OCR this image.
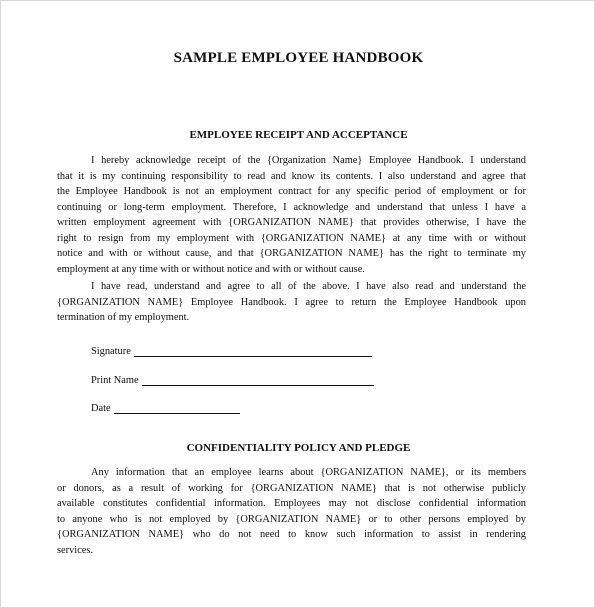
SAMPLE EMPLOYEE HANDBOOK
EMPLOYEE RECEIPT AND ACCEPTANCE
I hereby acknowledge receipt of the {Organization Name} Employee Handbook. I understand
that it is my continuing responsibility to read and know its contents. I also understand and agree that
the Employee Handbook is not an employment contract for any specific period of employment or for
continuing or long-term employment. Therefore, I acknowledge and understand that unless I have a
written employment agreement with {ORGANIZATION NAME} that provides otherwise, I have the
right to resign from my employment with {ORGANIZATION NAME} at any time with or without
notice and with or without cause, and that {ORGANIZATION NAME} has the right to terminate my
employment at any time with or without notice and with or without cause.
I have read, understand and agree to all of the above. I have also read and understand the
{ORGANIZATION NAME} Employee Handbook. I agree to return the Employee Handbook upon
termination of my employment.
Signature
Print Name
Date
CONFIDENTIALITY POLICY AND PLEDGE
Any information that an employee learns about {ORGANIZATION NAME}, or its members
or donors, as a result of working for {ORGANIZATION NAME} that is not otherwise publicly
available constitutes confidential information. Employees may not disclose confidential information
to anyone who is not employed by {ORGANIZATION NAME} or to other persons employed by
{ORGANIZATION NAME} who do not need to know such information to assist in rendering
services.
